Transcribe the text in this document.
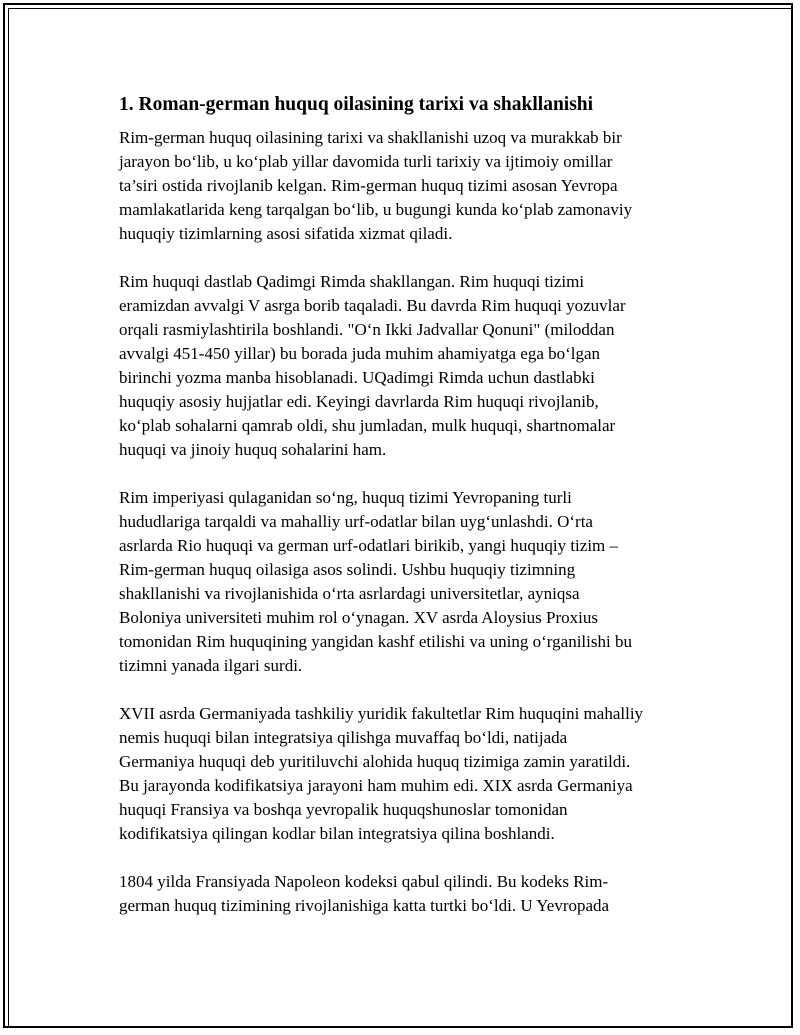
1. Roman-german huquq oilasining tarixi va shakllanishi
Rim-german huquq oilasining tarixi va shakllanishi uzoq va murakkab bir
jarayon bo‘lib, u ko‘plab yillar davomida turli tarixiy va ijtimoiy omillar
ta’siri ostida rivojlanib kelgan. Rim-german huquq tizimi asosan Yevropa
mamlakatlarida keng tarqalgan bo‘lib, u bugungi kunda ko‘plab zamonaviy
huquqiy tizimlarning asosi sifatida xizmat qiladi.
Rim huquqi dastlab Qadimgi Rimda shakllangan. Rim huquqi tizimi
eramizdan avvalgi V asrga borib taqaladi. Bu davrda Rim huquqi yozuvlar
orqali rasmiylashtirila boshlandi. "O‘n Ikki Jadvallar Qonuni" (miloddan
avvalgi 451-450 yillar) bu borada juda muhim ahamiyatga ega bo‘lgan
birinchi yozma manba hisoblanadi. UQadimgi Rimda uchun dastlabki
huquqiy asosiy hujjatlar edi. Keyingi davrlarda Rim huquqi rivojlanib,
ko‘plab sohalarni qamrab oldi, shu jumladan, mulk huquqi, shartnomalar
huquqi va jinoiy huquq sohalarini ham.
Rim imperiyasi qulaganidan so‘ng, huquq tizimi Yevropaning turli
hududlariga tarqaldi va mahalliy urf-odatlar bilan uyg‘unlashdi. O‘rta
asrlarda Rio huquqi va german urf-odatlari birikib, yangi huquqiy tizim –
Rim-german huquq oilasiga asos solindi. Ushbu huquqiy tizimning
shakllanishi va rivojlanishida o‘rta asrlardagi universitetlar, ayniqsa
Boloniya universiteti muhim rol o‘ynagan. XV asrda Aloysius Proxius
tomonidan Rim huquqining yangidan kashf etilishi va uning o‘rganilishi bu
tizimni yanada ilgari surdi.
XVII asrda Germaniyada tashkiliy yuridik fakultetlar Rim huquqini mahalliy
nemis huquqi bilan integratsiya qilishga muvaffaq bo‘ldi, natijada
Germaniya huquqi deb yuritiluvchi alohida huquq tizimiga zamin yaratildi.
Bu jarayonda kodifikatsiya jarayoni ham muhim edi. XIX asrda Germaniya
huquqi Fransiya va boshqa yevropalik huquqshunoslar tomonidan
kodifikatsiya qilingan kodlar bilan integratsiya qilina boshlandi.
1804 yilda Fransiyada Napoleon kodeksi qabul qilindi. Bu kodeks Rim-
german huquq tizimining rivojlanishiga katta turtki bo‘ldi. U Yevropada
